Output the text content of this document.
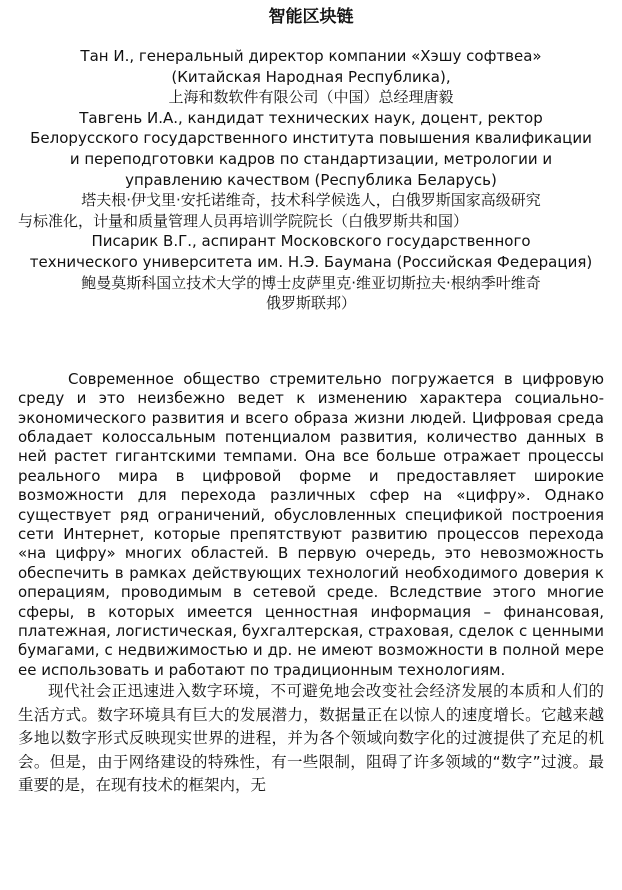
智能区块链
Тан И., генеральный директор компании «Хэшу софтвеа»
(Китайская Народная Республика),
上海和数软件有限公司（中国）总经理唐毅
Тавгень И.А., кандидат технических наук, доцент, ректор
Белорусского государственного института повышения квалификации
и переподготовки кадров по стандартизации, метрологии и
управлению качеством (Республика Беларусь)
塔夫根·伊戈里·安托诺维奇，技术科学候选人，白俄罗斯国家高级研究
与标准化，计量和质量管理人员再培训学院院长（白俄罗斯共和国）
Писарик В.Г., аспирант Московского государственного
технического университета им. Н.Э. Баумана (Российская Федерация)
鲍曼莫斯科国立技术大学的博士皮萨里克·维亚切斯拉夫·根纳季叶维奇
俄罗斯联邦）

Современное общество стремительно погружается в цифровую среду и это неизбежно ведет к изменению характера социально-экономического развития и всего образа жизни людей. Цифровая среда обладает колоссальным потенциалом развития, количество данных в ней растет гигантскими темпами. Она все больше отражает процессы реального мира в цифровой форме и предоставляет широкие возможности для перехода различных сфер на «цифру». Однако существует ряд ограничений, обусловленных спецификой построения сети Интернет, которые препятствуют развитию процессов перехода «на цифру» многих областей. В первую очередь, это невозможность обеспечить в рамках действующих технологий необходимого доверия к операциям, проводимым в сетевой среде. Вследствие этого многие сферы, в которых имеется ценностная информация – финансовая, платежная, логистическая, бухгалтерская, страховая, сделок с ценными бумагами, с недвижимостью и др. не имеют возможности в полной мере ее использовать и работают по традиционным технологиям.

现代社会正迅速进入数字环境，不可避免地会改变社会经济发展的本质和人们的生活方式。数字环境具有巨大的发展潜力，数据量正在以惊人的速度增长。它越来越多地以数字形式反映现实世界的进程，并为各个领域向数字化的过渡提供了充足的机会。但是，由于网络建设的特殊性，有一些限制，阻碍了许多领域的“数字”过渡。最重要的是，在现有技术的框架内，无
